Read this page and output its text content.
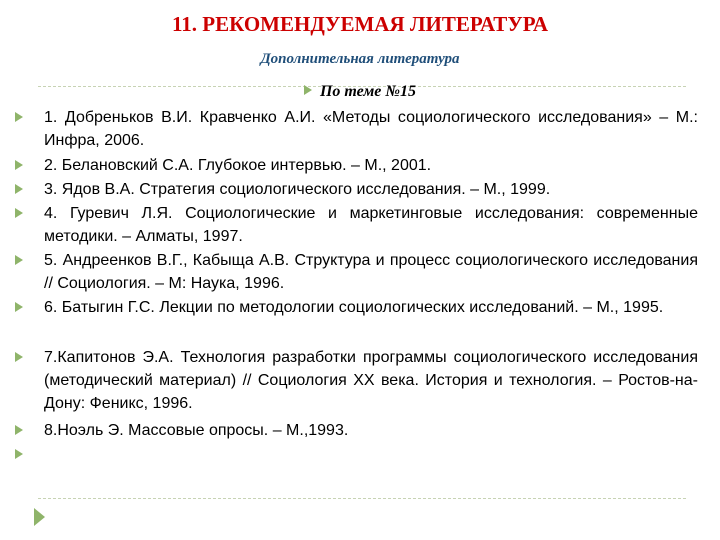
11. РЕКОМЕНДУЕМАЯ ЛИТЕРАТУРА
Дополнительная литература
По теме №15
1. Добреньков В.И. Кравченко А.И. «Методы социологического исследования» – М.: Инфра, 2006.
2. Белановский С.А. Глубокое интервью. – М., 2001.
3. Ядов В.А. Стратегия социологического исследования. – М., 1999.
4. Гуревич Л.Я. Социологические и маркетинговые исследования: современные методики. – Алматы, 1997.
5. Андреенков В.Г., Кабыща А.В. Структура и процесс социологического исследования // Социология. – М: Наука, 1996.
6. Батыгин Г.С. Лекции по методологии социологических исследований. – М., 1995.
7.Капитонов Э.А. Технология разработки программы социологического исследования (методический материал) // Социология XX века. История и технология. – Ростов-на-Дону: Феникс, 1996.
8.Ноэль Э. Массовые опросы. – М.,1993.
